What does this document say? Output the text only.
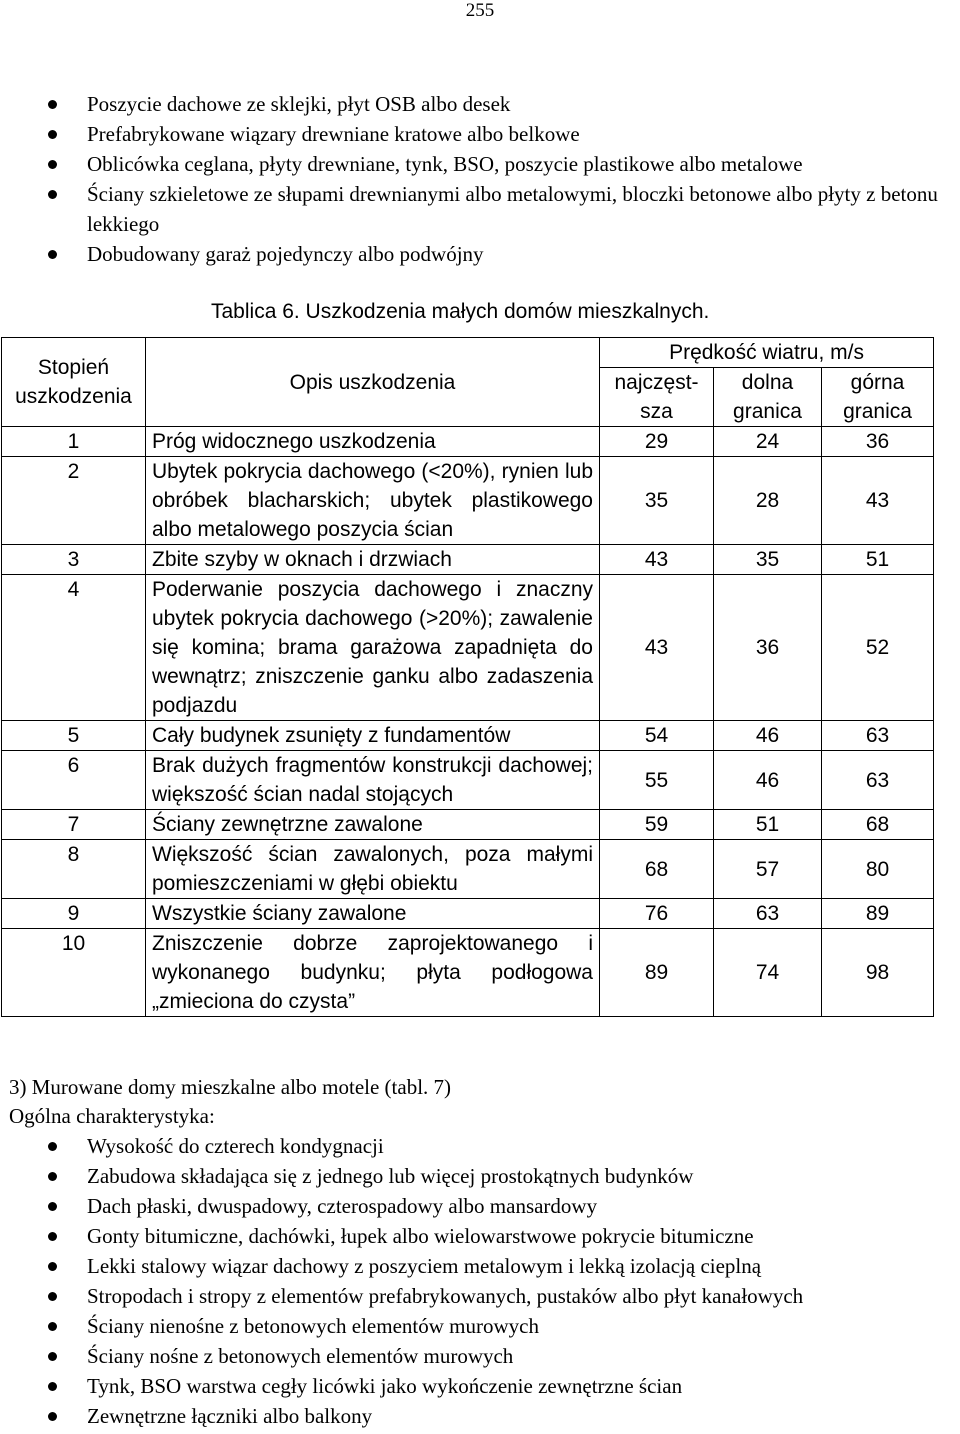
255
Poszycie dachowe ze sklejki, płyt OSB albo desek
Prefabrykowane wiązary drewniane kratowe albo belkowe
Oblicówka ceglana, płyty drewniane, tynk, BSO, poszycie plastikowe albo metalowe
Ściany szkieletowe ze słupami drewnianymi albo metalowymi, bloczki betonowe albo płyty z betonu lekkiego
Dobudowany garaż pojedynczy albo podwójny
Tablica 6. Uszkodzenia małych domów mieszkalnych.
Stopień uszkodzenia	Opis uszkodzenia	Prędkość wiatru, m/s		
		najczęst-sza	dolna granica	górna granica
1	Próg widocznego uszkodzenia	29	24	36
2	Ubytek pokrycia dachowego (<20%), rynien lub obróbek blacharskich; ubytek plastikowego albo metalowego poszycia ścian	35	28	43
3	Zbite szyby w oknach i drzwiach	43	35	51
4	Poderwanie poszycia dachowego i znaczny ubytek pokrycia dachowego (>20%); zawalenie się komina; brama garażowa zapadnięta do wewnątrz; zniszczenie ganku albo zadaszenia podjazdu	43	36	52
5	Cały budynek zsunięty z fundamentów	54	46	63
6	Brak dużych fragmentów konstrukcji dachowej; większość ścian nadal stojących	55	46	63
7	Ściany zewnętrzne zawalone	59	51	68
8	Większość ścian zawalonych, poza małymi pomieszczeniami w głębi obiektu	68	57	80
9	Wszystkie ściany zawalone	76	63	89
10	Zniszczenie dobrze zaprojektowanego i wykonanego budynku; płyta podłogowa „zmieciona do czysta”	89	74	98
3) Murowane domy mieszkalne albo motele (tabl. 7)
Ogólna charakterystyka:
Wysokość do czterech kondygnacji
Zabudowa składająca się z jednego lub więcej prostokątnych budynków
Dach płaski, dwuspadowy, czterospadowy albo mansardowy
Gonty bitumiczne, dachówki, łupek albo wielowarstwowe pokrycie bitumiczne
Lekki stalowy wiązar dachowy z poszyciem metalowym i lekką izolacją cieplną
Stropodach i stropy z elementów prefabrykowanych, pustaków albo płyt kanałowych
Ściany nienośne z betonowych elementów murowych
Ściany nośne z betonowych elementów murowych
Tynk, BSO warstwa cegły licówki jako wykończenie zewnętrzne ścian
Zewnętrzne łączniki albo balkony
